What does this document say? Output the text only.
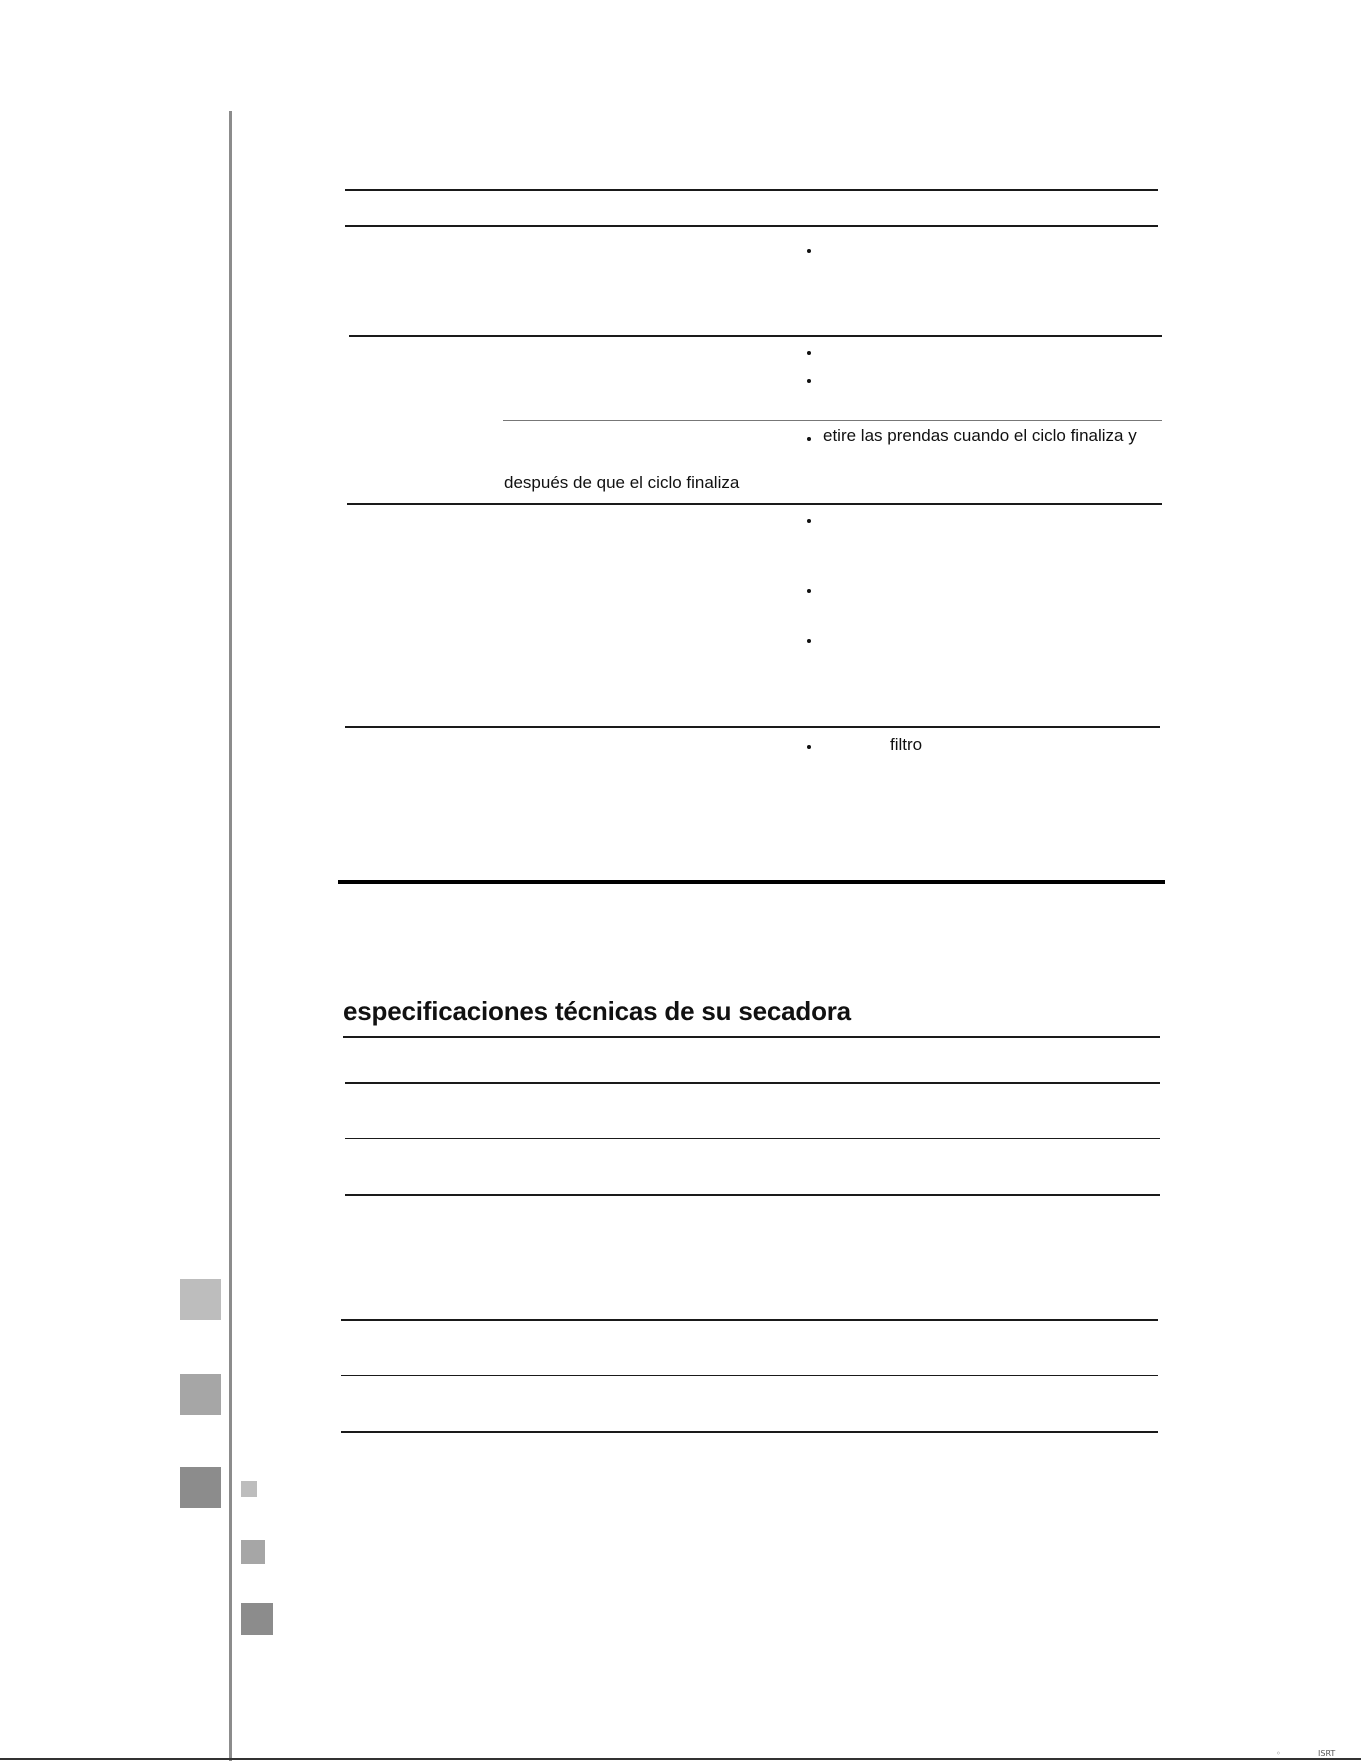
etire las prendas cuando el ciclo finaliza y
después de que el ciclo finaliza
filtro
especificaciones técnicas de su secadora
◦	ISRT
